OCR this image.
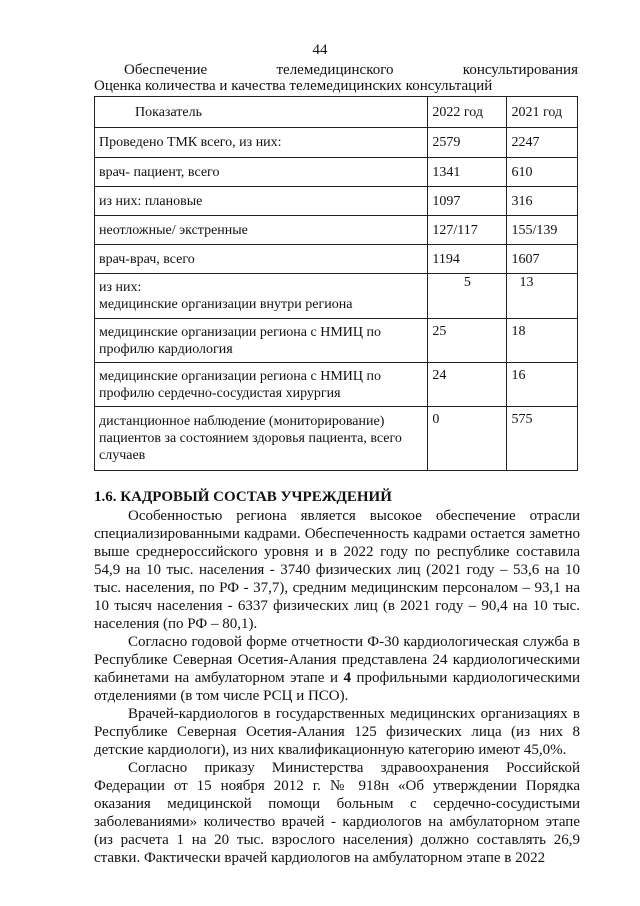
44
Обеспечение	телемедицинского	консультирования
Оценка количества и качества телемедицинских консультаций
Показатель	2022 год	2021 год
Проведено ТМК всего, из них:	2579	2247
врач- пациент, всего	1341	610
из них: плановые	1097	316
неотложные/ экстренные	127/117	155/139
врач-врач, всего	1194	1607

из них:
медицинские организации внутри региона	5	13
медицинские организации региона с НМИЦ по профилю кардиология	25	18
медицинские организации региона с НМИЦ по профилю сердечно-сосудистая хирургия	24	16
дистанционное наблюдение (мониторирование) пациентов за состоянием здоровья пациента, всего случаев	0	575
1.6. КАДРОВЫЙ СОСТАВ УЧРЕЖДЕНИЙ

Особенностью региона является высокое обеспечение отрасли специализированными кадрами. Обеспеченность кадрами остается заметно выше среднероссийского уровня и в 2022 году по республике составила 54,9 на 10 тыс. населения - 3740 физических лиц (2021 году – 53,6 на 10 тыс. населения, по РФ - 37,7), средним медицинским персоналом – 93,1 на 10 тысяч населения - 6337 физических лиц (в 2021 году – 90,4 на 10 тыс. населения (по РФ – 80,1).

Согласно годовой форме отчетности Ф-30 кардиологическая служба в Республике Северная Осетия-Алания представлена 24 кардиологическими кабинетами на амбулаторном этапе и 4 профильными кардиологическими отделениями (в том числе РСЦ и ПСО).

Врачей-кардиологов в государственных медицинских организациях в Республике Северная Осетия-Алания 125 физических лица (из них 8 детские кардиологи), из них квалификационную категорию имеют 45,0%.

Согласно приказу Министерства здравоохранения Российской Федерации от 15 ноября 2012 г. № 918н «Об утверждении Порядка оказания медицинской помощи больным с сердечно-сосудистыми заболеваниями» количество врачей - кардиологов на амбулаторном этапе (из расчета 1 на 20 тыс. взрослого населения) должно составлять 26,9 ставки. Фактически врачей кардиологов на амбулаторном этапе в 2022
